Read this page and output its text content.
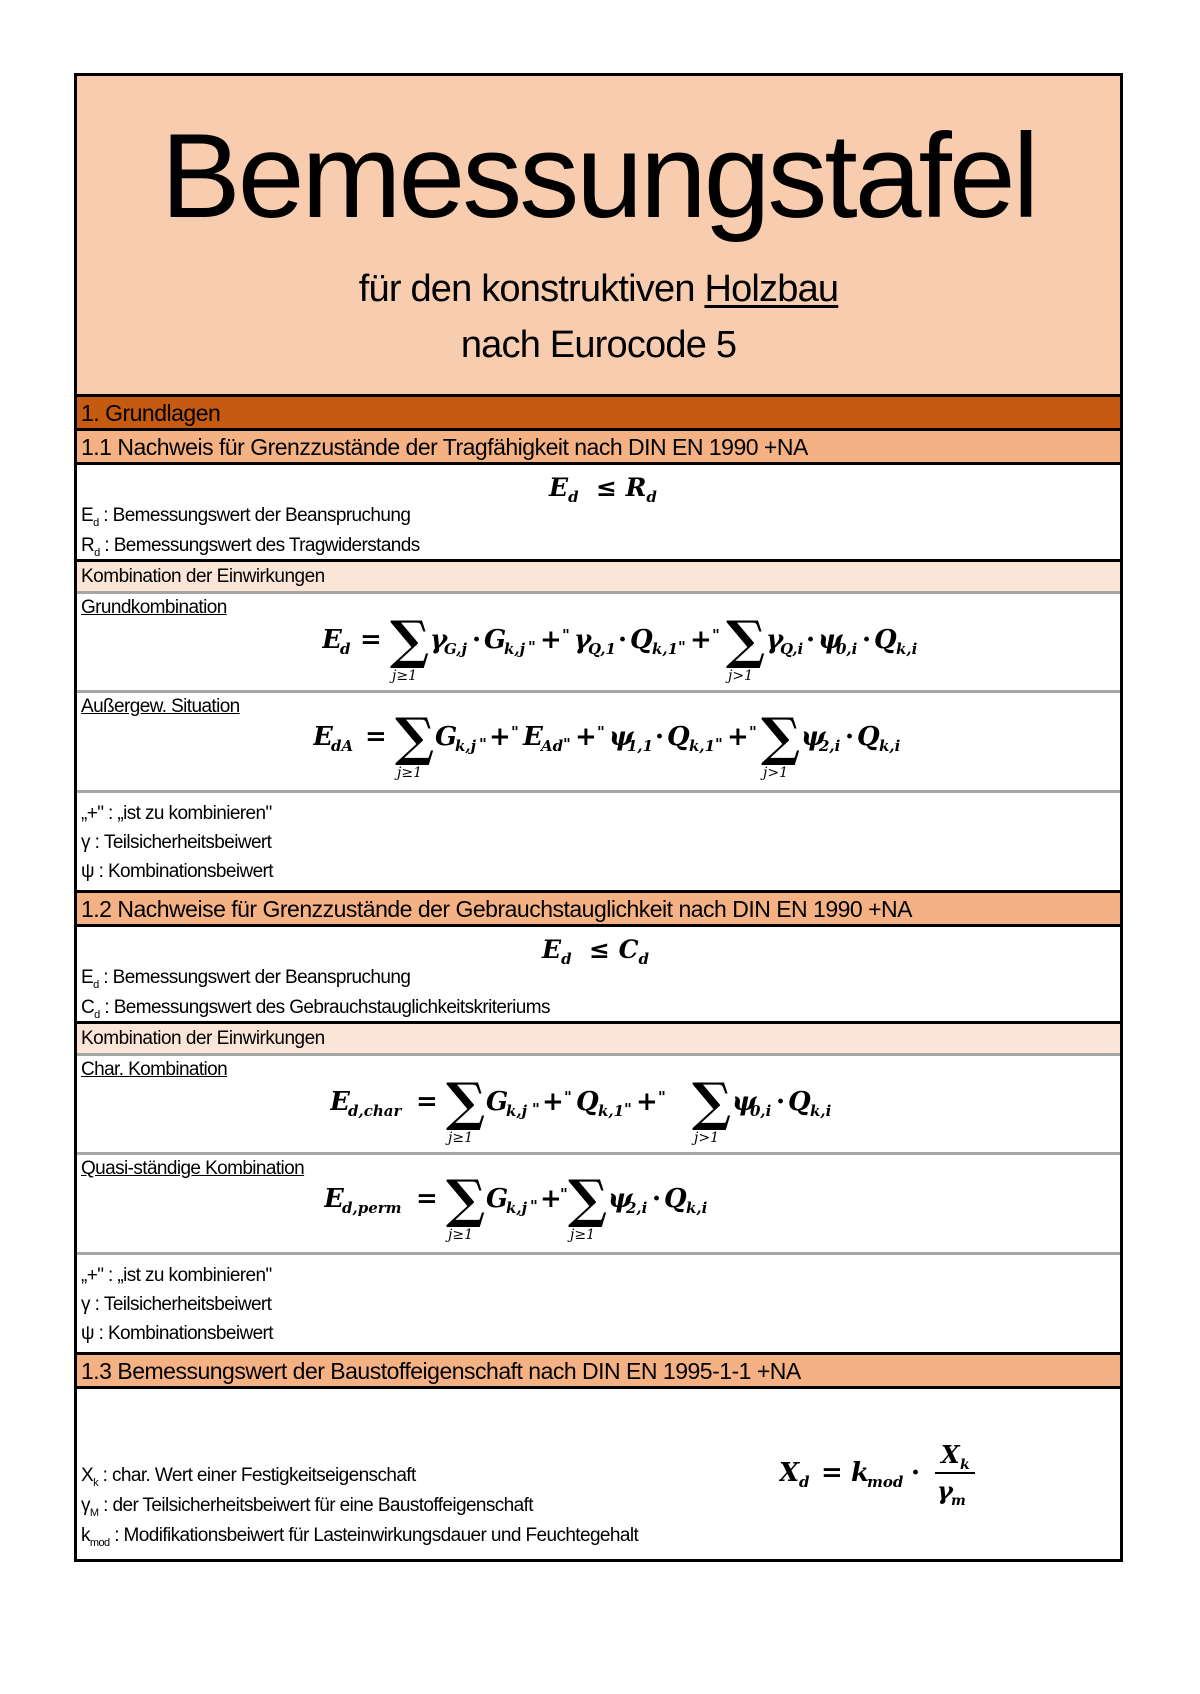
Bemessungstafel
für den konstruktiven Holzbau
nach Eurocode 5
1. Grundlagen
1.1 Nachweis für Grenzzustände der Tragfähigkeit nach DIN EN 1990 +NA
$E_d \le R_d$
$E_d$ : Bemessungswert der Beanspruchung
$R_d$ : Bemessungswert des Tragwiderstands
Kombination der Einwirkungen
Grundkombination
E
d = ∑
j≥1
γ
G,j · G
k,j " + " γ
Q,1 · Q k,1 " + " ∑
j>1
γ
Q,i · ψ
0,i · Q k,i
Außergew. Situation
E
dA = ∑
j≥1
G
k,j " + " E
Ad " + " ψ
1,1 · Q k,1 " + " ∑
j>1
ψ
2,i · Q k,i
„+" : „ist zu kombinieren"
γ : Teilsicherheitsbeiwert
ψ : Kombinationsbeiwert
1.2 Nachweise für Grenzzustände der Gebrauchstauglichkeit nach DIN EN 1990 +NA
$E_d \le C_d$
$E_d$ : Bemessungswert der Beanspruchung
$C_d$ : Bemessungswert des Gebrauchstauglichkeitskriteriums
Kombination der Einwirkungen
Char. Kombination
E
d,char = ∑
j≥1
G
k,j " + " Q k,1 " + " ∑
j>1
ψ
0,i · Q k,i
Quasi-ständige Kombination
E
d,perm = ∑
j≥1
G
k,j " +
" ∑
j≥1
ψ
2,i · Q k,i
„+" : „ist zu kombinieren"
γ : Teilsicherheitsbeiwert
ψ : Kombinationsbeiwert
1.3 Bemessungswert der Baustoffeigenschaft nach DIN EN 1995-1-1 +NA
X d = k
mod ·
X k
γ
m
$X_k$ : char. Wert einer Festigkeitseigenschaft
$\gamma_M$ : der Teilsicherheitsbeiwert für eine Baustoffeigenschaft
$k_{mod}$ : Modifikationsbeiwert für Lasteinwirkungsdauer und Feuchtegehalt
